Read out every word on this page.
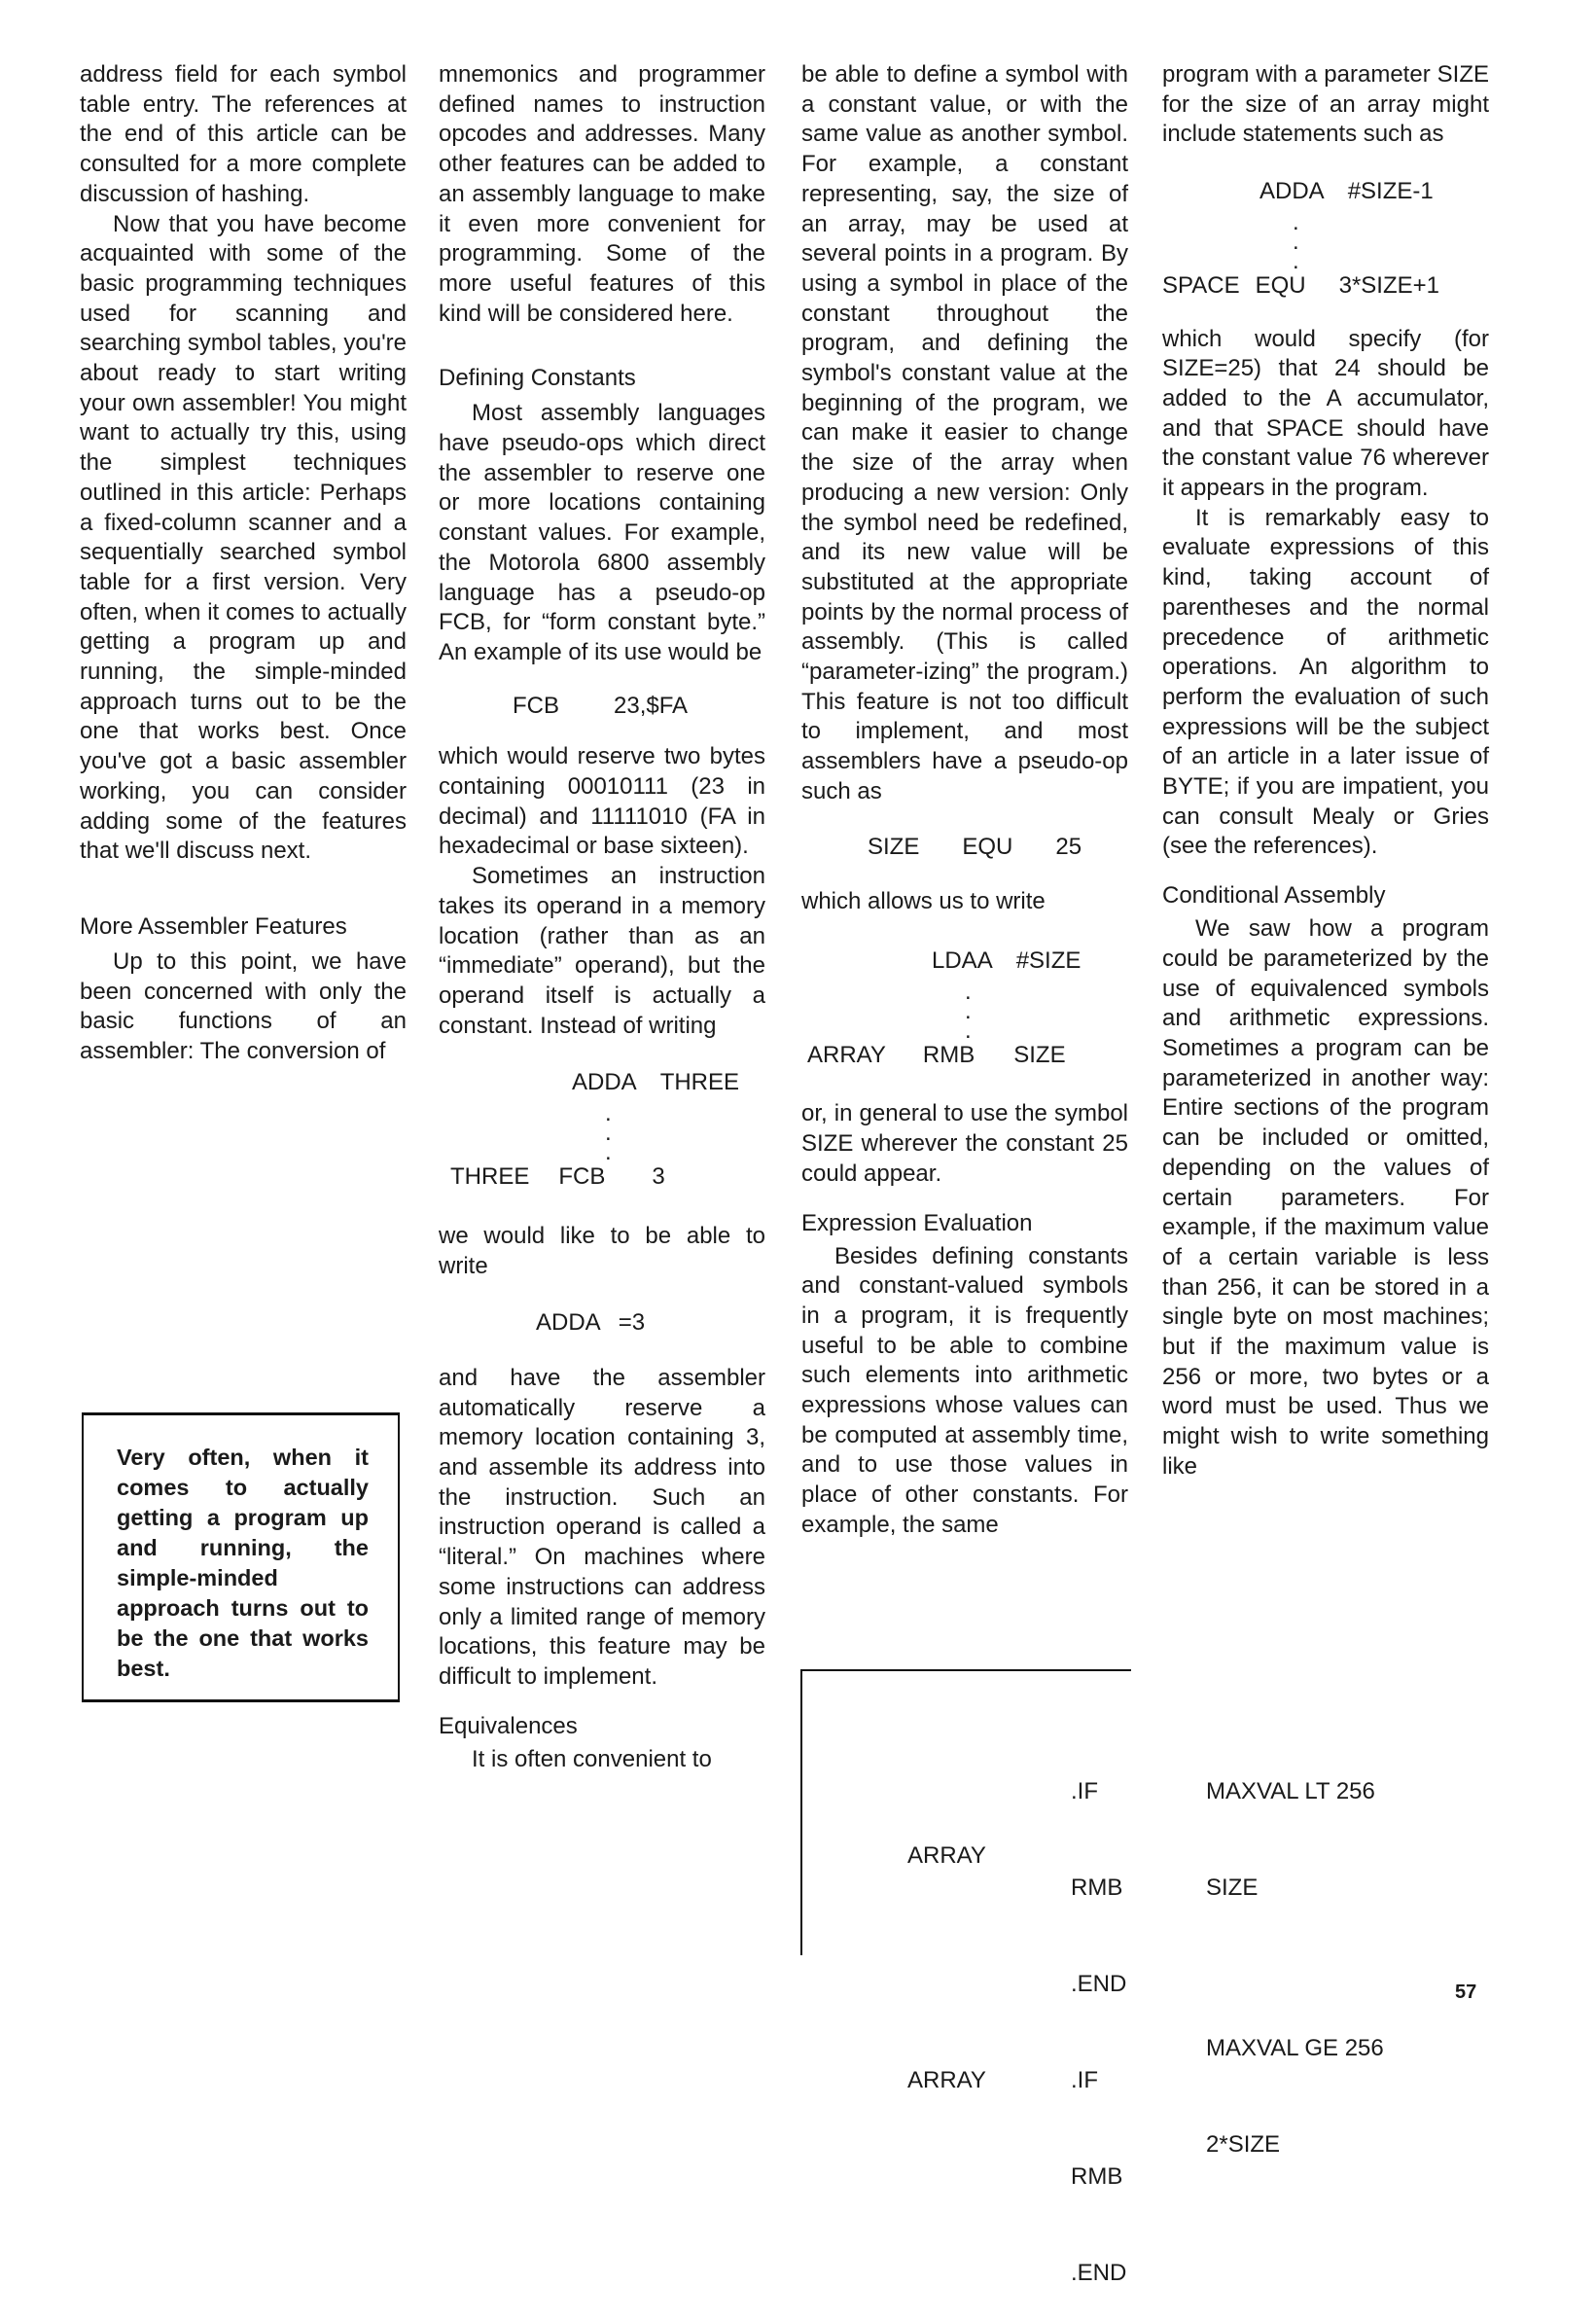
address field for each symbol table entry. The references at the end of this article can be consulted for a more complete discussion of hashing.

Now that you have become acquainted with some of the basic programming techniques used for scanning and searching symbol tables, you're about ready to start writing your own assembler! You might want to actually try this, using the simplest techniques outlined in this article: Perhaps a fixed-column scanner and a sequentially searched symbol table for a first version. Very often, when it comes to actually getting a program up and running, the simple-minded approach turns out to be the one that works best. Once you've got a basic assembler working, you can consider adding some of the features that we'll discuss next.

More Assembler Features

Up to this point, we have been concerned with only the basic functions of an assembler: The conversion of

Very often, when it comes to actually getting a program up and running, the simple-minded approach turns out to be the one that works best.

mnemonics and programmer defined names to instruction opcodes and addresses. Many other features can be added to an assembly language to make it even more convenient for programming. Some of the more useful features of this kind will be considered here.

Defining Constants

Most assembly languages have pseudo-ops which direct the assembler to reserve one or more locations containing constant values. For example, the Motorola 6800 assembly language has a pseudo-op FCB, for “form constant byte.” An example of its use would be

FCB 23,$FA

which would reserve two bytes containing 00010111 (23 in decimal) and 11111010 (FA in hexadecimal or base sixteen).

Sometimes an instruction takes its operand in a memory location (rather than as an “immediate” operand), but the operand itself is actually a constant. Instead of writing

ADDA THREE
.
.
.
THREE FCB 3

we would like to be able to write

ADDA =3

and have the assembler automatically reserve a memory location containing 3, and assemble its address into the instruction. Such an instruction operand is called a “literal.” On machines where some instructions can address only a limited range of memory locations, this feature may be difficult to implement.

Equivalences

It is often convenient to

be able to define a symbol with a constant value, or with the same value as another symbol. For example, a constant representing, say, the size of an array, may be used at several points in a program. By using a symbol in place of the constant throughout the program, and defining the symbol's constant value at the beginning of the program, we can make it easier to change the size of the array when producing a new version: Only the symbol need be redefined, and its new value will be substituted at the appropriate points by the normal process of assembly. (This is called “parameter-izing” the program.) This feature is not too difficult to implement, and most assemblers have a pseudo-op such as

SIZE EQU 25

which allows us to write

LDAA #SIZE
.
.
.
ARRAY RMB SIZE

or, in general to use the symbol SIZE wherever the constant 25 could appear.

Expression Evaluation

Besides defining constants and constant-valued symbols in a program, it is frequently useful to be able to combine such elements into arithmetic expressions whose values can be computed at assembly time, and to use those values in place of other constants. For example, the same

program with a parameter SIZE for the size of an array might include statements such as

ADDA #SIZE-1
.
.
.
SPACE EQU 3*SIZE+1

which would specify (for SIZE=25) that 24 should be added to the A accumulator, and that SPACE should have the constant value 76 wherever it appears in the program.

It is remarkably easy to evaluate expressions of this kind, taking account of parentheses and the normal precedence of arithmetic operations. An algorithm to perform the evaluation of such expressions will be the subject of an article in a later issue of BYTE; if you are impatient, you can consult Mealy or Gries (see the references).

Conditional Assembly

We saw how a program could be parameterized by the use of equivalenced symbols and arithmetic expressions. Sometimes a program can be parameterized in another way: Entire sections of the program can be included or omitted, depending on the values of certain parameters. For example, if the maximum value of a certain variable is less than 256, it can be stored in a single byte on most machines; but if the maximum value is 256 or more, two bytes or a word must be used. Thus we might wish to write something like

ARRAY

ARRAY

.IF

RMB

.END

.IF

RMB

.END

MAXVAL LT 256

SIZE

MAXVAL GE 256

2*SIZE

57
